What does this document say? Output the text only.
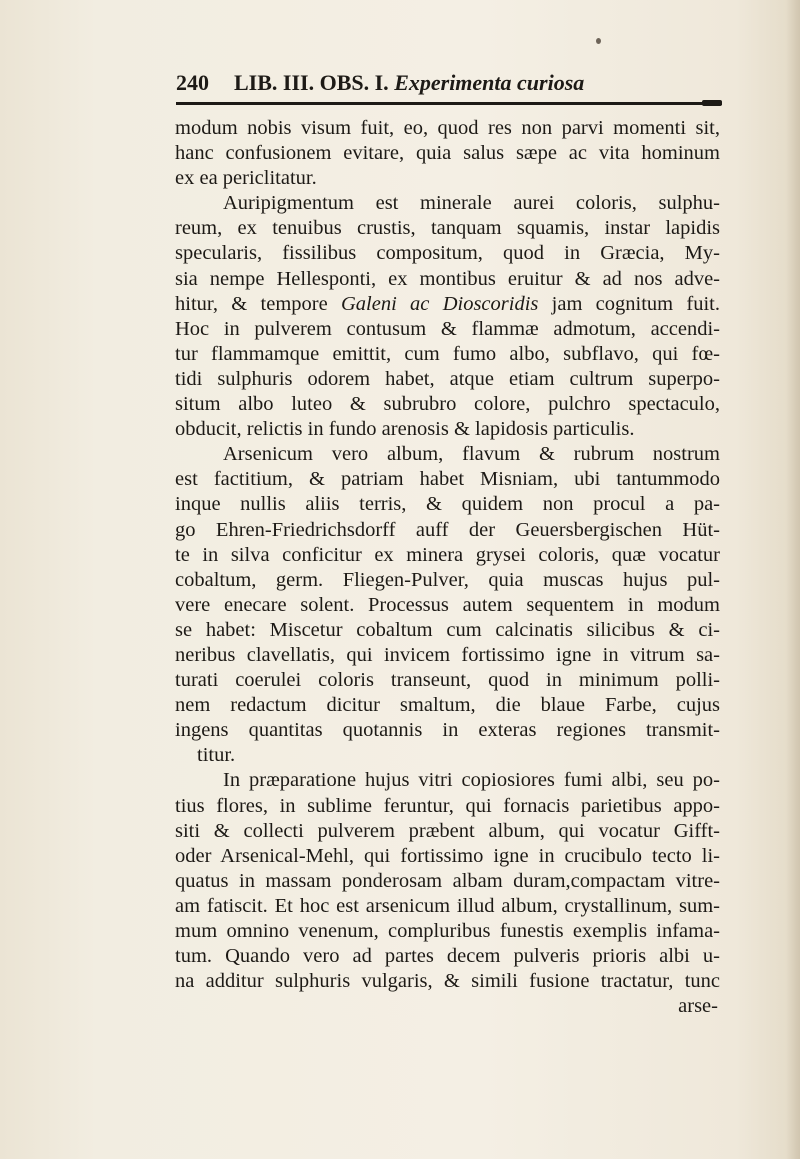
240 LIB. III. OBS. I. Experimenta curiosa
modum nobis visum fuit, eo, quod res non parvi momenti sit,
hanc confusionem evitare, quia salus sæpe ac vita hominum
ex ea periclitatur.
Auripigmentum est minerale aurei coloris, sulphu-
reum, ex tenuibus crustis, tanquam squamis, instar lapidis
specularis, fissilibus compositum, quod in Græcia, My-
sia nempe Hellesponti, ex montibus eruitur & ad nos adve-
hitur, & tempore Galeni ac Dioscoridis jam cognitum fuit.
Hoc in pulverem contusum & flammæ admotum, accendi-
tur flammamque emittit, cum fumo albo, subflavo, qui fœ-
tidi sulphuris odorem habet, atque etiam cultrum superpo-
situm albo luteo & subrubro colore, pulchro spectaculo,
obducit, relictis in fundo arenosis & lapidosis particulis.
Arsenicum vero album, flavum & rubrum nostrum
est factitium, & patriam habet Misniam, ubi tantummodo
inque nullis aliis terris, & quidem non procul a pa-
go Ehren-Friedrichsdorff auff der Geuersbergischen Hüt-
te in silva conficitur ex minera grysei coloris, quæ vocatur
cobaltum, germ. Fliegen-Pulver, quia muscas hujus pul-
vere enecare solent. Processus autem sequentem in modum
se habet: Miscetur cobaltum cum calcinatis silicibus & ci-
neribus clavellatis, qui invicem fortissimo igne in vitrum sa-
turati coerulei coloris transeunt, quod in minimum polli-
nem redactum dicitur smaltum, die blaue Farbe, cujus
ingens quantitas quotannis in exteras regiones transmit-
titur.
In præparatione hujus vitri copiosiores fumi albi, seu po-
tius flores, in sublime feruntur, qui fornacis parietibus appo-
siti & collecti pulverem præbent album, qui vocatur Gifft-
oder Arsenical-Mehl, qui fortissimo igne in crucibulo tecto li-
quatus in massam ponderosam albam duram,compactam vitre-
am fatiscit. Et hoc est arsenicum illud album, crystallinum, sum-
mum omnino venenum, compluribus funestis exemplis infama-
tum. Quando vero ad partes decem pulveris prioris albi u-
na additur sulphuris vulgaris, & simili fusione tractatur, tunc
arse-
